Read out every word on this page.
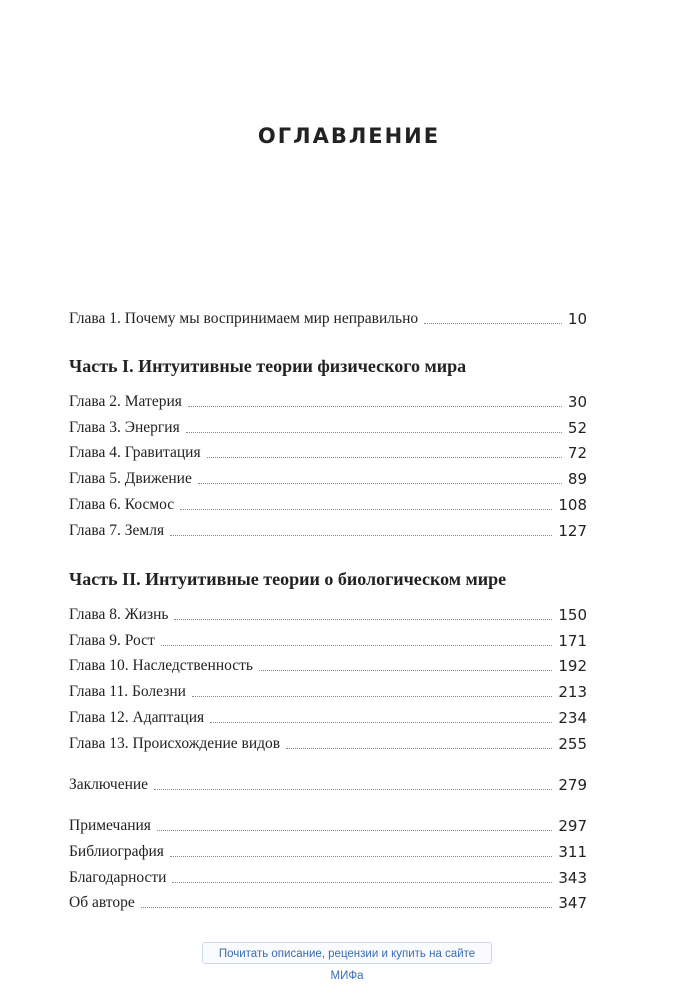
ОГЛАВЛЕНИЕ
Глава 1. Почему мы воспринимаем мир неправильно	10
Часть I. Интуитивные теории физического мира
Глава 2. Материя	30
Глава 3. Энергия	52
Глава 4. Гравитация	72
Глава 5. Движение	89
Глава 6. Космос	108
Глава 7. Земля	127
Часть II. Интуитивные теории о биологическом мире
Глава 8. Жизнь	150
Глава 9. Рост	171
Глава 10. Наследственность	192
Глава 11. Болезни	213
Глава 12. Адаптация	234
Глава 13. Происхождение видов	255
Заключение	279
Примечания	297
Библиография	311
Благодарности	343
Об авторе	347
Почитать описание, рецензии и купить на сайте МИФа
